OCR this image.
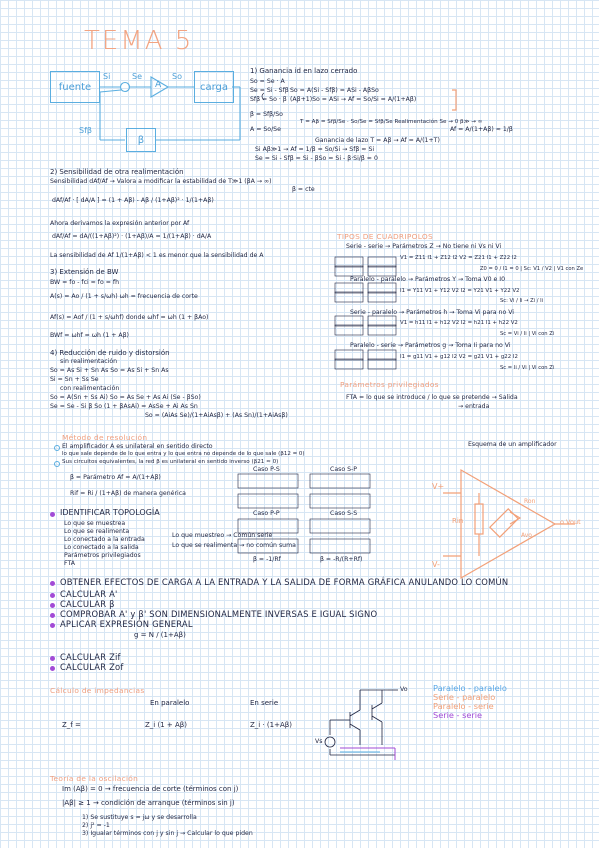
TEMA 5
fuente	carga
β
A
Si	Se	So
Sfβ
1) Ganancia id en lazo cerrado
So = Se · A
Se = Si - Sfβ
Sfβ = So · β
So = A(Si - Sfβ) = ASi - AβSo
(Aβ+1)So = ASi → Af = So/Si = A/(1+Aβ)
β = Sfβ/So
T = Aβ = Sfβ/Se · So/Se = Sfβ/Se Realimentación Se → 0 β≫ → ∞
A = So/Se	Af = A/(1+Aβ) ≈ 1/β
Ganancia de lazo T = Aβ → Af = A/(1+T)
Si Aβ≫1 → Af = 1/β = So/Si → Sfβ ≈ Si
Se = Si - Sfβ ≈ Si - βSo = Si - β·Si/β ≈ 0
2) Sensibilidad de otra realimentación
Sensibilidad dAf/Af → Valora a modificar la estabilidad de T≫1 (βA → ∞)
β = cte
dAf/Af · [ dA/A ] = (1 + Aβ) - Aβ / (1+Aβ)² · 1/(1+Aβ)
Ahora derivamos la expresión anterior por Af
dAf/Af = dA/((1+Aβ)²) · (1+Aβ)/A = 1/(1+Aβ) · dA/A
La sensibilidad de Af 1/(1+Aβ) < 1 es menor que la sensibilidad de A
3) Extensión de BW
BW = fo - fci ≈ fo = fh
A(s) = Ao / (1 + s/ωh) ωh = frecuencia de corte
Af(s) = Aof / (1 + s/ωhf) donde ωhf = ωh (1 + βAo)
BWf = ωhf = ωh (1 + Aβ)
4) Reducción de ruido y distorsión
sin realimentación
So = As Si + Sn As So = As Si + Sn As
Si = Sn + Ss Se
con realimentación
So = A(Sn + Ss Ai) So = As Se + As Ai (Se - βSo)
Se = Se - Si β So (1 + βAsAi) = AsSe + Ai As Sn
So = (AiAs Se)/(1+AiAsβ) + (As Sn)/(1+AiAsβ)
TIPOS DE CUADRIPOLOS
Serie - serie → Parámetros Z → No tiene ni Vs ni Vi
V1 = Z11 I1 + Z12 I2 V2 = Z21 I1 + Z22 I2
Z0 = 0 / I1 = 0 | Sc: V1 / V2 | V1 con Ze
Paralelo - paralelo → Parámetros Y → Toma V0 e I0
I1 = Y11 V1 + Y12 V2 I2 = Y21 V1 + Y22 V2
Sc: Vi / Ii → Zi / Ii
Serie - paralelo → Parámetros h → Toma Vi para no Vi
V1 = h11 I1 + h12 V2 I2 = h21 I1 + h22 V2
Sc = Vi / Ii | Vi con Zi
Paralelo - serie → Parámetros g → Toma Ii para no Vi
I1 = g11 V1 + g12 I2 V2 = g21 V1 + g22 I2
Sc = Ii / Vi | Vi con Zi
Parámetros privilegiados
FTA = lo que se introduce / lo que se pretende → Salida
→ entrada
Método de resolución
El amplificador A es unilateral en sentido directo
lo que sale depende de lo que entra y lo que entra no depende de lo que sale (β12 = 0)
Sus circuitos equivalentes, la red β es unilateral en sentido inverso (β21 ≈ 0)
β = Parámetro Af = A/(1+Aβ)
Rif = Ri / (1+Aβ) de manera genérica
Caso P-S	Caso S-P
Caso P-P	Caso S-S
β = -1/Rf	β = -R/(R+Rf)
IDENTIFICAR TOPOLOGÍA
Lo que se muestrea
Lo que se realimenta
Lo conectado a la entrada
Lo conectado a la salida
Parámetros privilegiados
FTA
Lo que muestreo → Común serie
Lo que se realimenta → no común suma
Esquema de un amplificador
V+
V-
Rin
Ron
Avo
o Vout
OBTENER EFECTOS DE CARGA A LA ENTRADA Y LA SALIDA DE FORMA GRÁFICA ANULANDO LO COMÚN
CALCULAR A'
CALCULAR β
COMPROBAR A' y β' SON DIMENSIONALMENTE INVERSAS E IGUAL SIGNO
APLICAR EXPRESIÓN GENERAL
g = N / (1+Aβ)
CALCULAR Zif
CALCULAR Zof
Cálculo de impedancias
En paralelo	En serie
Z_f =	Z_i (1 + Aβ)	Z_i · (1+Aβ)
Vo
Vs
Paralelo - paralelo
Serie - paralelo
Paralelo - serie
Serie - serie
Teoría de la oscilación
Im (Aβ) = 0 → frecuencia de corte (términos con j)
|Aβ| ≥ 1 → condición de arranque (términos sin j)
1) Se sustituye s = jω y se desarrolla
2) j² = -1
3) Igualar términos con j y sin j → Calcular lo que piden
